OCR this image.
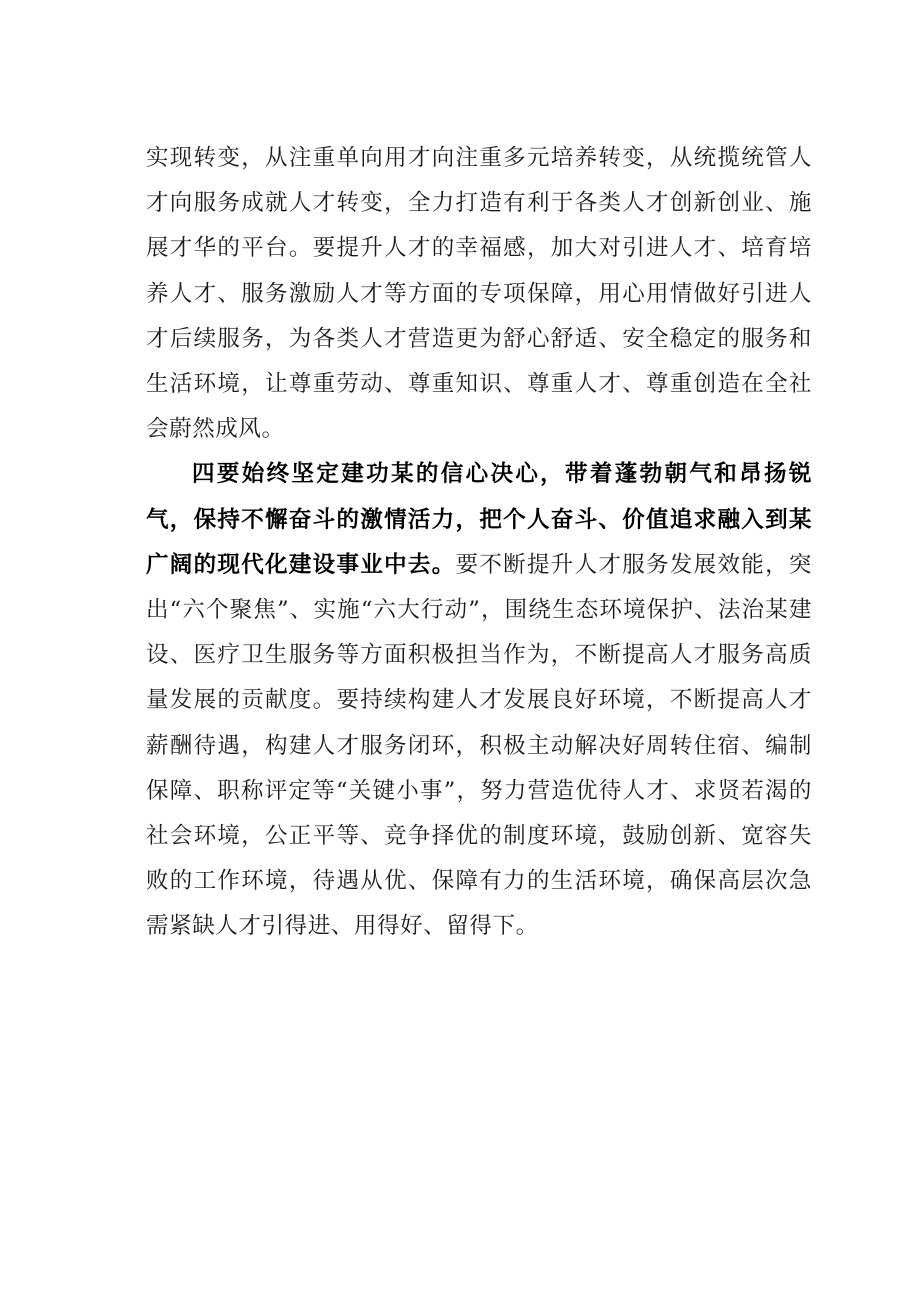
实现转变，从注重单向用才向注重多元培养转变，从统揽统管人才向服务成就人才转变，全力打造有利于各类人才创新创业、施展才华的平台。要提升人才的幸福感，加大对引进人才、培育培养人才、服务激励人才等方面的专项保障，用心用情做好引进人才后续服务，为各类人才营造更为舒心舒适、安全稳定的服务和生活环境，让尊重劳动、尊重知识、尊重人才、尊重创造在全社会蔚然成风。

四要始终坚定建功某的信心决心，带着蓬勃朝气和昂扬锐气，保持不懈奋斗的激情活力，把个人奋斗、价值追求融入到某广阔的现代化建设事业中去。要不断提升人才服务发展效能，突出“六个聚焦”、实施“六大行动”，围绕生态环境保护、法治某建设、医疗卫生服务等方面积极担当作为，不断提高人才服务高质量发展的贡献度。要持续构建人才发展良好环境，不断提高人才薪酬待遇，构建人才服务闭环，积极主动解决好周转住宿、编制保障、职称评定等“关键小事”，努力营造优待人才、求贤若渴的社会环境，公正平等、竞争择优的制度环境，鼓励创新、宽容失败的工作环境，待遇从优、保障有力的生活环境，确保高层次急需紧缺人才引得进、用得好、留得下。
